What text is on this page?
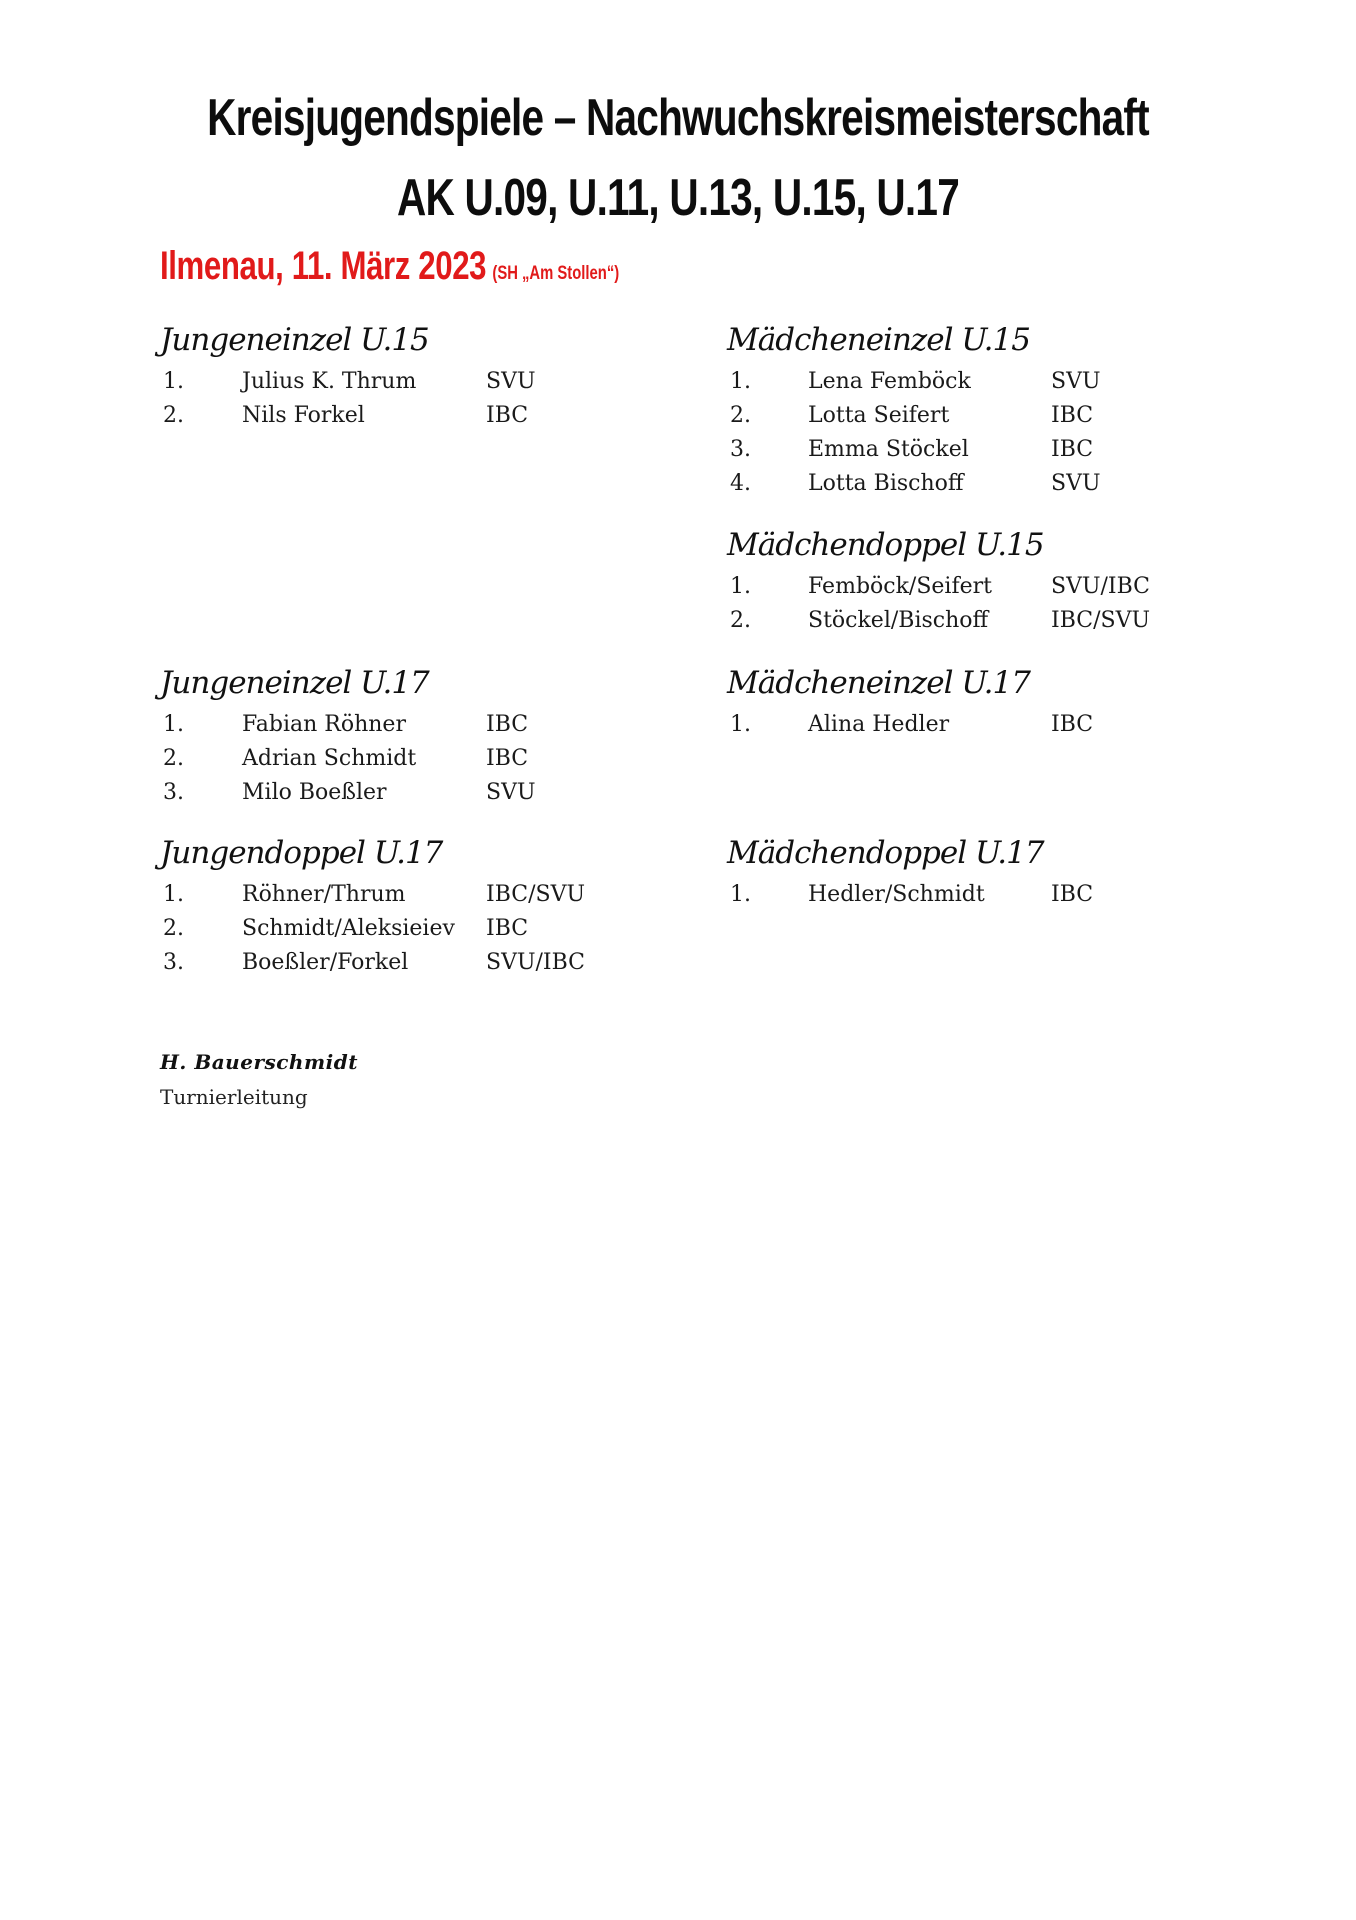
Kreisjugendspiele – Nachwuchskreismeisterschaft
AK U.09, U.11, U.13, U.15, U.17
Ilmenau, 11. März 2023 (SH „Am Stollen“)
Jungeneinzel U.15
1.	Julius K. Thrum	SVU
2.	Nils Forkel	IBC
Mädcheneinzel U.15
1.	Lena Femböck	SVU
2.	Lotta Seifert	IBC
3.	Emma Stöckel	IBC
4.	Lotta Bischoff	SVU
Mädchendoppel U.15
1.	Femböck/Seifert	SVU/IBC
2.	Stöckel/Bischoff	IBC/SVU
Jungeneinzel U.17
1.	Fabian Röhner	IBC
2.	Adrian Schmidt	IBC
3.	Milo Boeßler	SVU
Mädcheneinzel U.17
1.	Alina Hedler	IBC
Jungendoppel U.17
1.	Röhner/Thrum	IBC/SVU
2.	Schmidt/Aleksieiev IBC
3.	Boeßler/Forkel	SVU/IBC
Mädchendoppel U.17
1.	Hedler/Schmidt	IBC
H. Bauerschmidt
Turnierleitung
